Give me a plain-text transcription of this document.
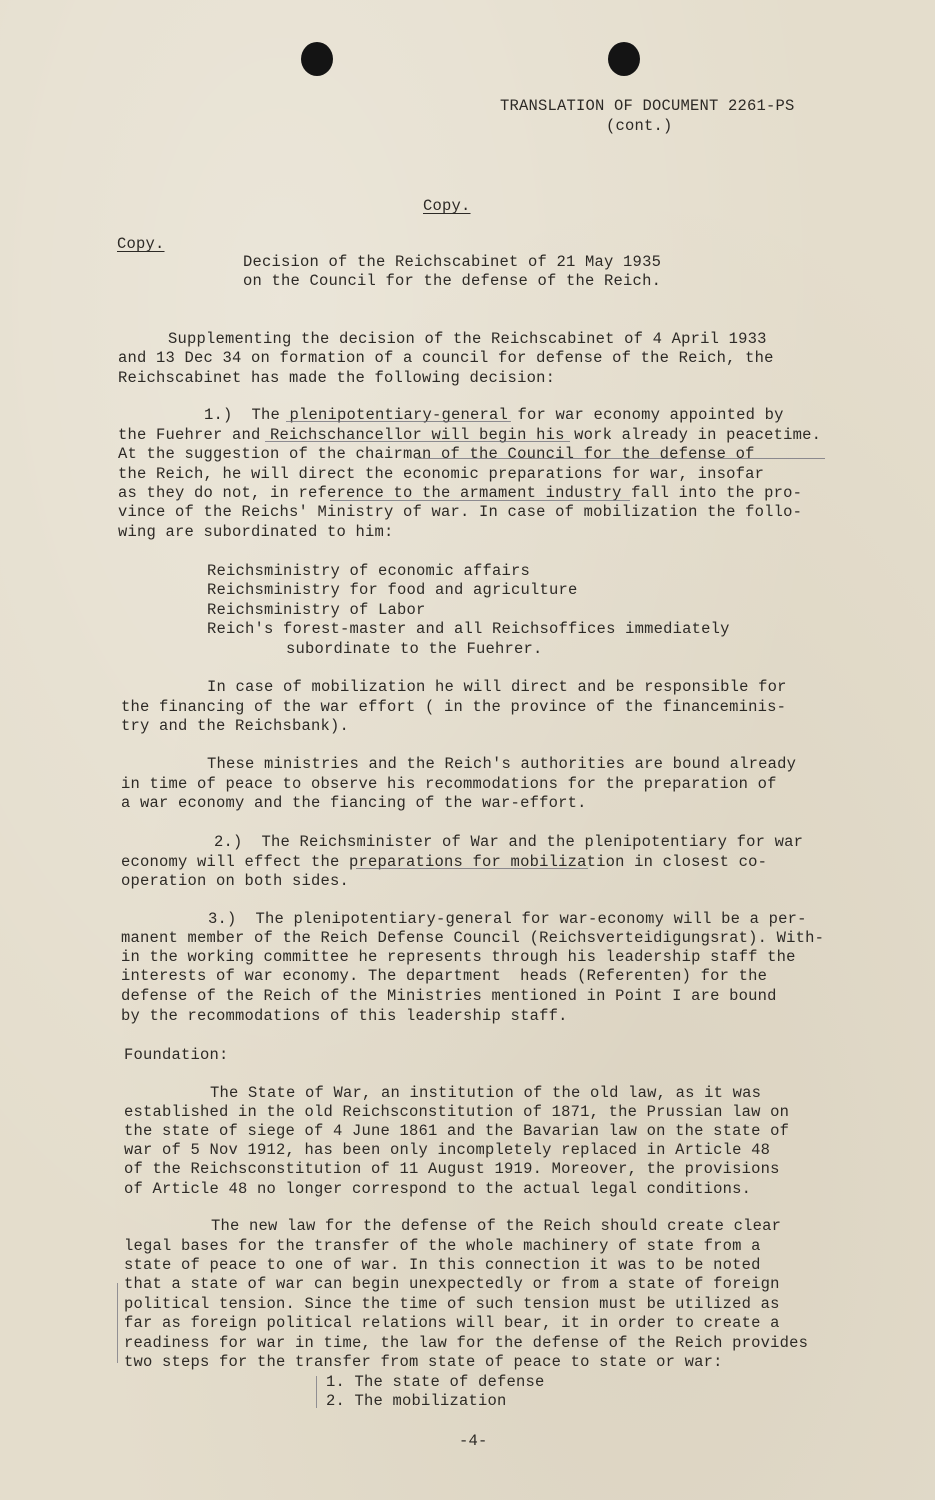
TRANSLATION OF DOCUMENT 2261-PS
(cont.)
Copy.
Copy.
Decision of the Reichscabinet of 21 May 1935
on the Council for the defense of the Reich.
Supplementing the decision of the Reichscabinet of 4 April 1933
and 13 Dec 34 on formation of a council for defense of the Reich, the
Reichscabinet has made the following decision:
1.)  The plenipotentiary-general for war economy appointed by
the Fuehrer and Reichschancellor will begin his work already in peacetime.
At the suggestion of the chairman of the Council for the defense of
the Reich, he will direct the economic preparations for war, insofar
as they do not, in reference to the armament industry fall into the pro-
vince of the Reichs' Ministry of war. In case of mobilization the follo-
wing are subordinated to him:
Reichsministry of economic affairs
Reichsministry for food and agriculture
Reichsministry of Labor
Reich's forest-master and all Reichsoffices immediately
subordinate to the Fuehrer.
In case of mobilization he will direct and be responsible for
the financing of the war effort ( in the province of the financeminis-
try and the Reichsbank).
These ministries and the Reich's authorities are bound already
in time of peace to observe his recommodations for the preparation of
a war economy and the fiancing of the war-effort.
2.)  The Reichsminister of War and the plenipotentiary for war
economy will effect the preparations for mobilization in closest co-
operation on both sides.
3.)  The plenipotentiary-general for war-economy will be a per-
manent member of the Reich Defense Council (Reichsverteidigungsrat). With-
in the working committee he represents through his leadership staff the
interests of war economy. The department  heads (Referenten) for the
defense of the Reich of the Ministries mentioned in Point I are bound
by the recommodations of this leadership staff.
Foundation:
The State of War, an institution of the old law, as it was
established in the old Reichsconstitution of 1871, the Prussian law on
the state of siege of 4 June 1861 and the Bavarian law on the state of
war of 5 Nov 1912, has been only incompletely replaced in Article 48
of the Reichsconstitution of 11 August 1919. Moreover, the provisions
of Article 48 no longer correspond to the actual legal conditions.
The new law for the defense of the Reich should create clear
legal bases for the transfer of the whole machinery of state from a
state of peace to one of war. In this connection it was to be noted
that a state of war can begin unexpectedly or from a state of foreign
political tension. Since the time of such tension must be utilized as
far as foreign political relations will bear, it in order to create a
readiness for war in time, the law for the defense of the Reich provides
two steps for the transfer from state of peace to state or war:
1. The state of defense
2. The mobilization
-4-
